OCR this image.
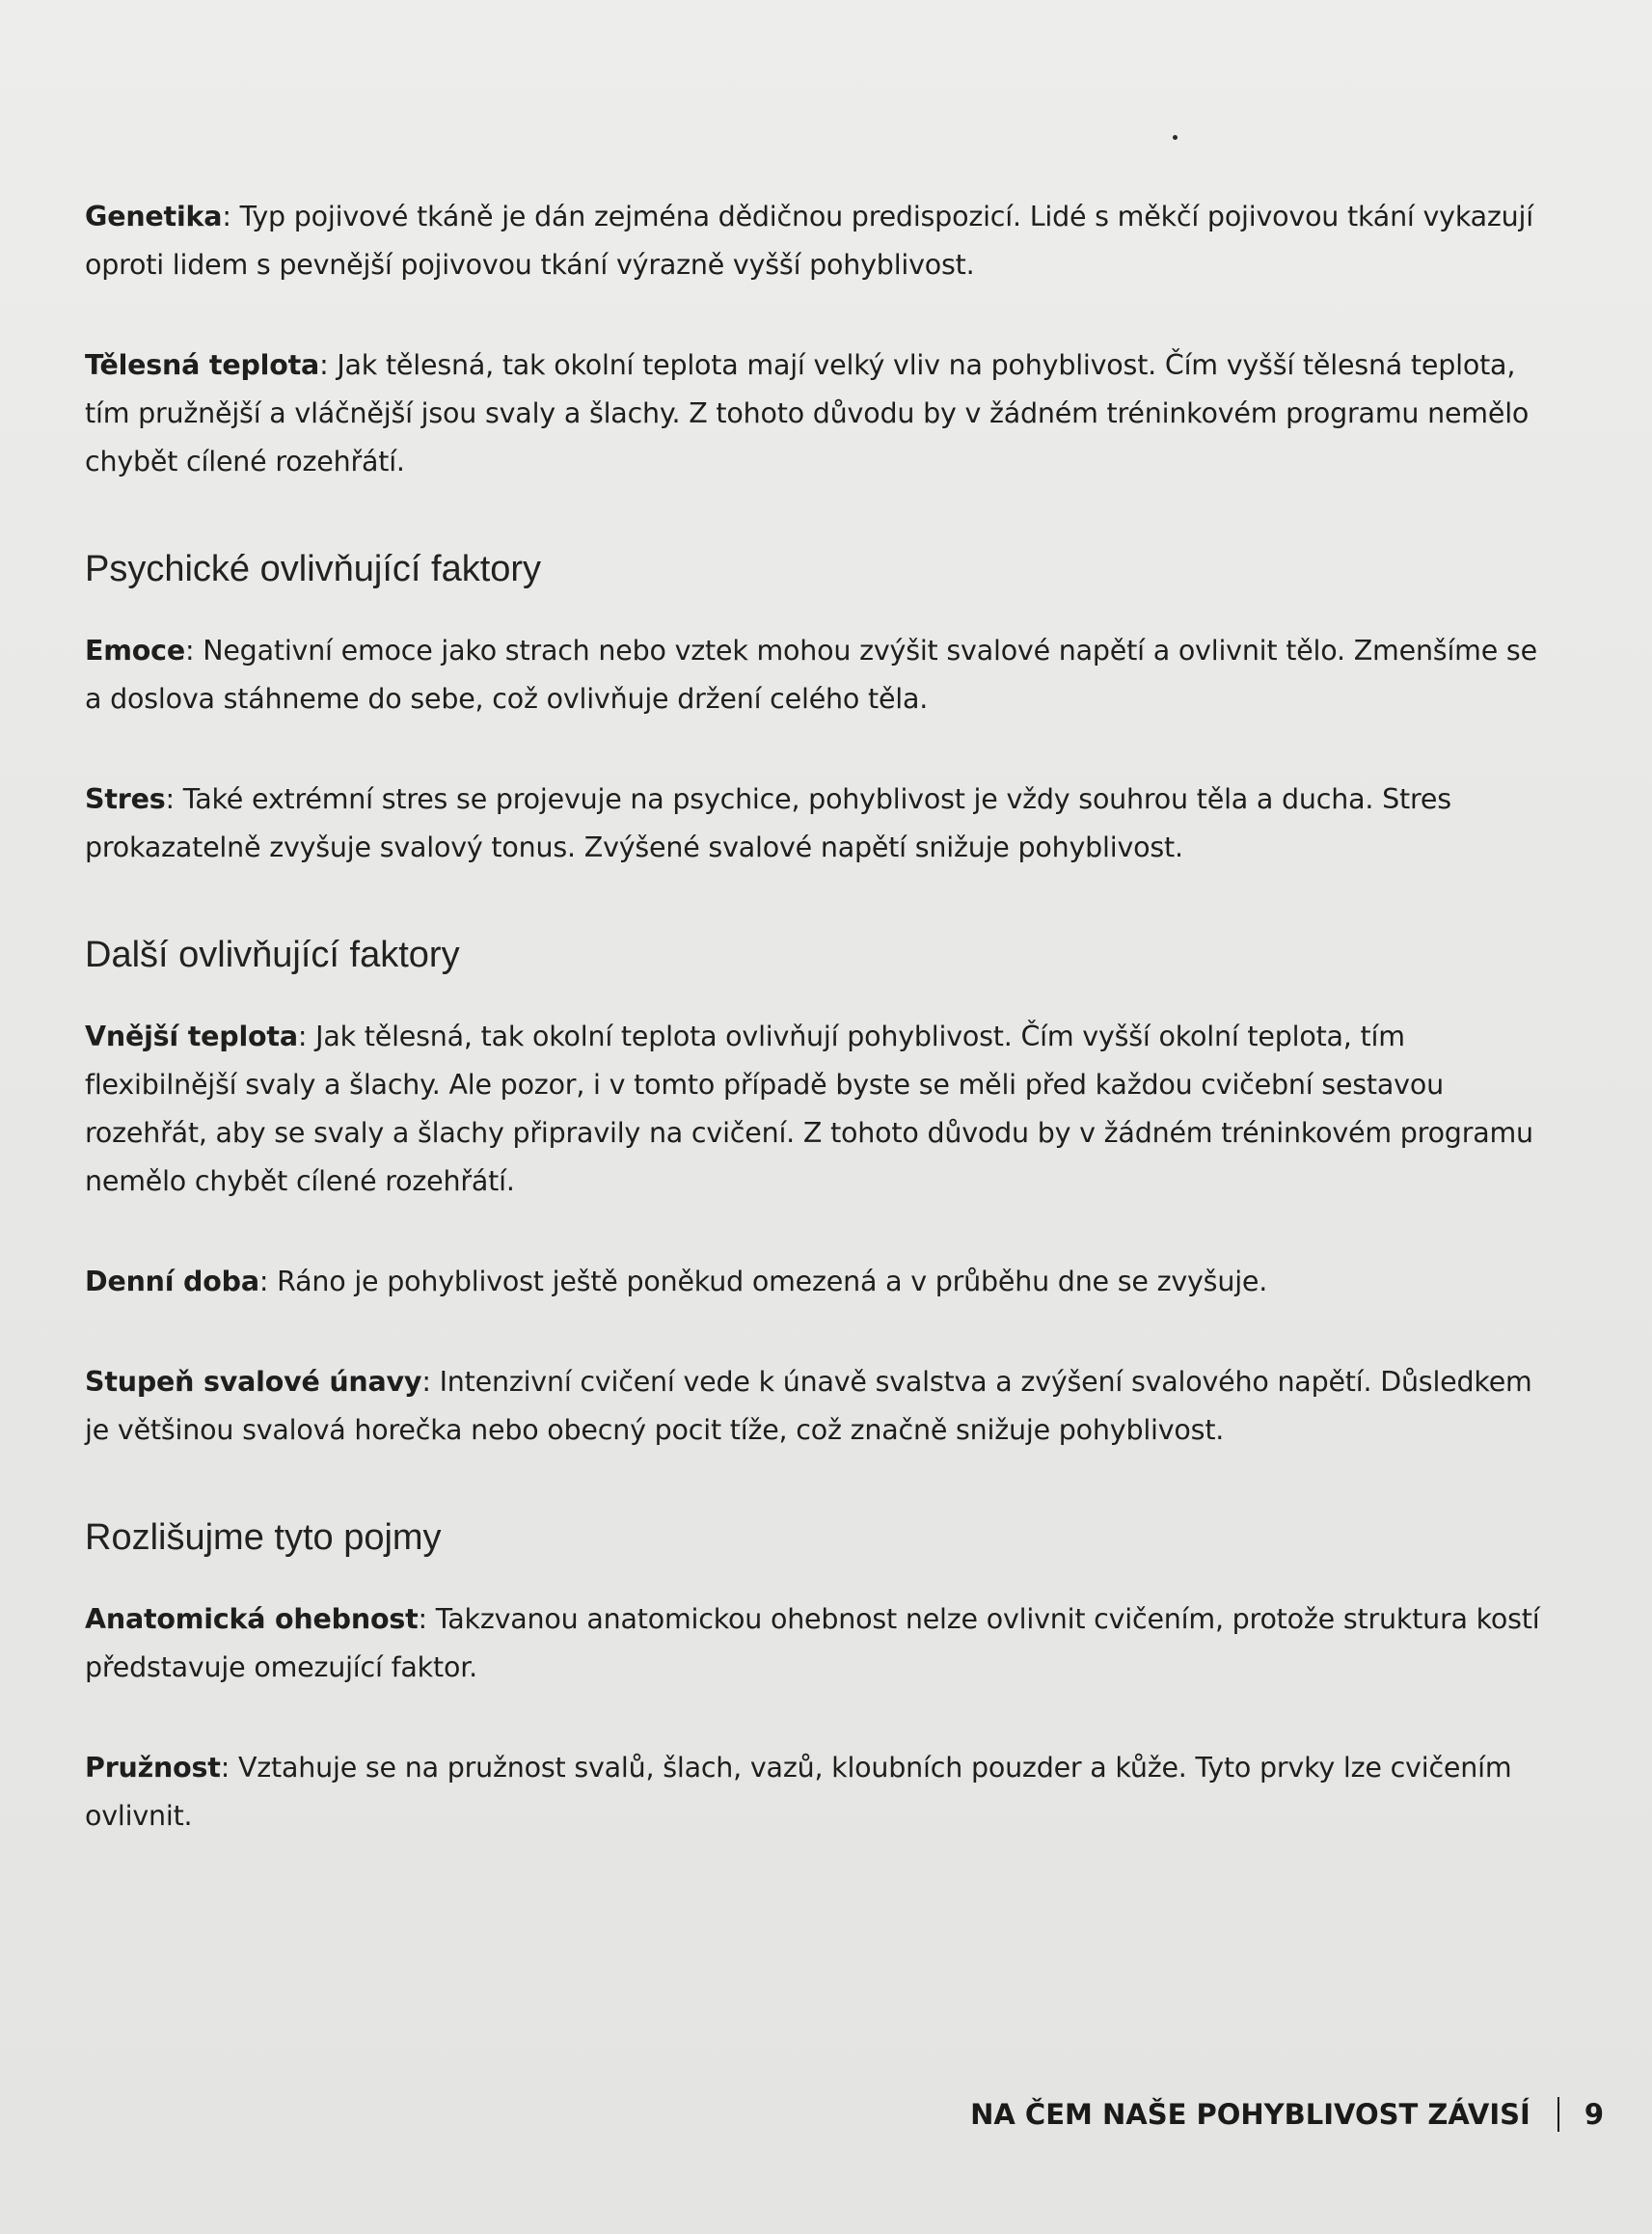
Genetika: Typ pojivové tkáně je dán zejména dědičnou predispozicí. Lidé s měkčí pojivovou tkání vykazují oproti lidem s pevnější pojivovou tkání výrazně vyšší pohyblivost.

Tělesná teplota: Jak tělesná, tak okolní teplota mají velký vliv na pohyblivost. Čím vyšší tělesná teplota, tím pružnější a vláčnější jsou svaly a šlachy. Z tohoto důvodu by v žádném tréninkovém programu nemělo chybět cílené rozehřátí.

Psychické ovlivňující faktory

Emoce: Negativní emoce jako strach nebo vztek mohou zvýšit svalové napětí a ovlivnit tělo. Zmenšíme se a doslova stáhneme do sebe, což ovlivňuje držení celého těla.

Stres: Také extrémní stres se projevuje na psychice, pohyblivost je vždy souhrou těla a ducha. Stres prokazatelně zvyšuje svalový tonus. Zvýšené svalové napětí snižuje pohyblivost.

Další ovlivňující faktory

Vnější teplota: Jak tělesná, tak okolní teplota ovlivňují pohyblivost. Čím vyšší okolní teplota, tím flexibilnější svaly a šlachy. Ale pozor, i v tomto případě byste se měli před každou cvičební sestavou rozehřát, aby se svaly a šlachy připravily na cvičení. Z tohoto důvodu by v žádném tréninkovém programu nemělo chybět cílené rozehřátí.

Denní doba: Ráno je pohyblivost ještě poněkud omezená a v průběhu dne se zvyšuje.

Stupeň svalové únavy: Intenzivní cvičení vede k únavě svalstva a zvýšení svalového napětí. Důsledkem je většinou svalová horečka nebo obecný pocit tíže, což značně snižuje pohyblivost.

Rozlišujme tyto pojmy

Anatomická ohebnost: Takzvanou anatomickou ohebnost nelze ovlivnit cvičením, protože struktura kostí představuje omezující faktor.

Pružnost: Vztahuje se na pružnost svalů, šlach, vazů, kloubních pouzder a kůže. Tyto prvky lze cvičením ovlivnit.

NA ČEM NAŠE POHYBLIVOST ZÁVISÍ 9
